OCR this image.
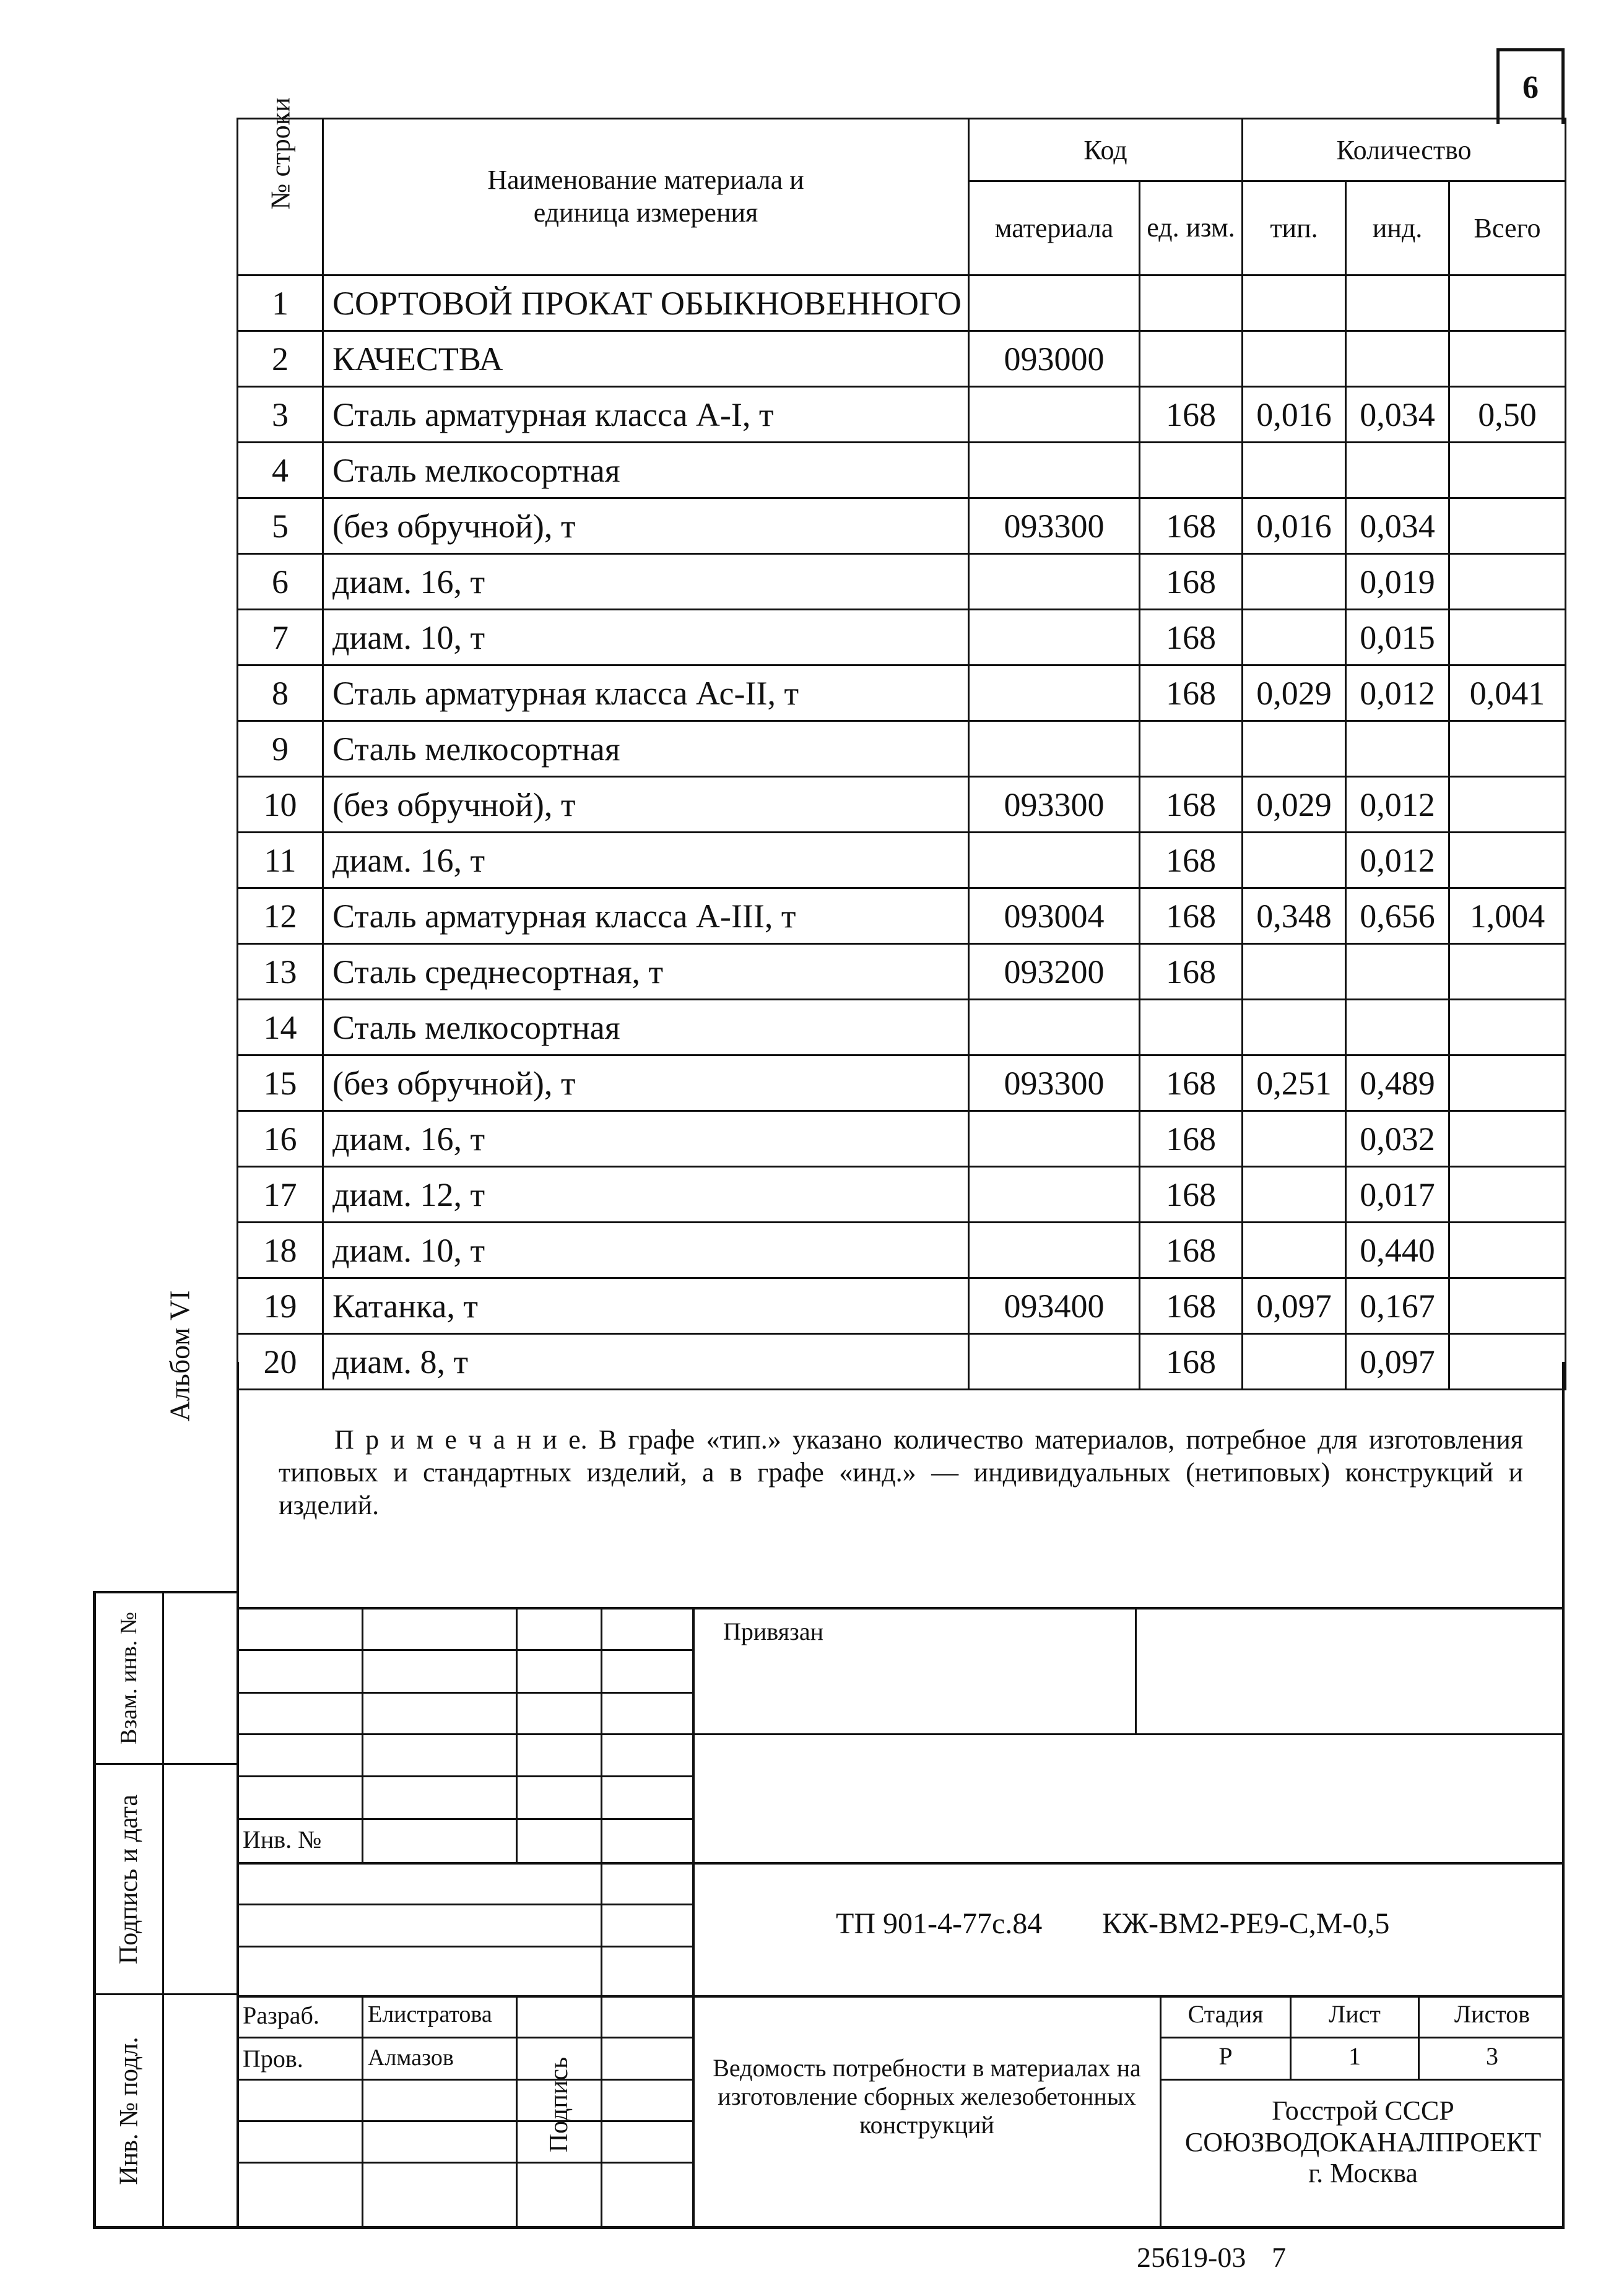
6
Альбом VI
№ строки	Наименование материала и единица измерения	Код		Количество		
		материала	ед. изм.	тип.	инд.	Всего
1	СОРТОВОЙ ПРОКАТ ОБЫКНОВЕННОГО					
2	КАЧЕСТВА	093000				
3	Сталь арматурная класса А-I, т		168	0,016	0,034	0,50
4	Сталь мелкосортная					
5	(без обручной), т	093300	168	0,016	0,034	
6	диам. 16, т		168		0,019	
7	диам. 10, т		168		0,015	
8	Сталь арматурная класса Ас-II, т		168	0,029	0,012	0,041
9	Сталь мелкосортная					
10	(без обручной), т	093300	168	0,029	0,012	
11	диам. 16, т		168		0,012	
12	Сталь арматурная класса А-III, т	093004	168	0,348	0,656	1,004
13	Сталь среднесортная, т	093200	168			
14	Сталь мелкосортная					
15	(без обручной), т	093300	168	0,251	0,489	
16	диам. 16, т		168		0,032	
17	диам. 12, т		168		0,017	
18	диам. 10, т		168		0,440	
19	Катанка, т	093400	168	0,097	0,167	
20	диам. 8, т		168		0,097	
П р и м е ч а н и е. В графе «тип.» указано количество материалов, потребное для изготовления типовых и стандартных изделий, а в графе «инд.» — индивидуальных (нетиповых) конструкций и изделий.
Взам. инв. №
Подпись и дата
Инв. № подл.
Привязан
Инв. №
ТП 901-4-77с.84 КЖ-ВМ2-РЕ9-С,М-0,5
Разраб. Елистратова
Пров.	Алмазов	Подпись	Ведомость потребности в материалах на изготовление сборных железобетонных конструкций
Стадия	Лист	Листов
Р	1	3
Госстрой СССР
СОЮЗВОДОКАНАЛПРОЕКТ
г. Москва
25619-03 7
